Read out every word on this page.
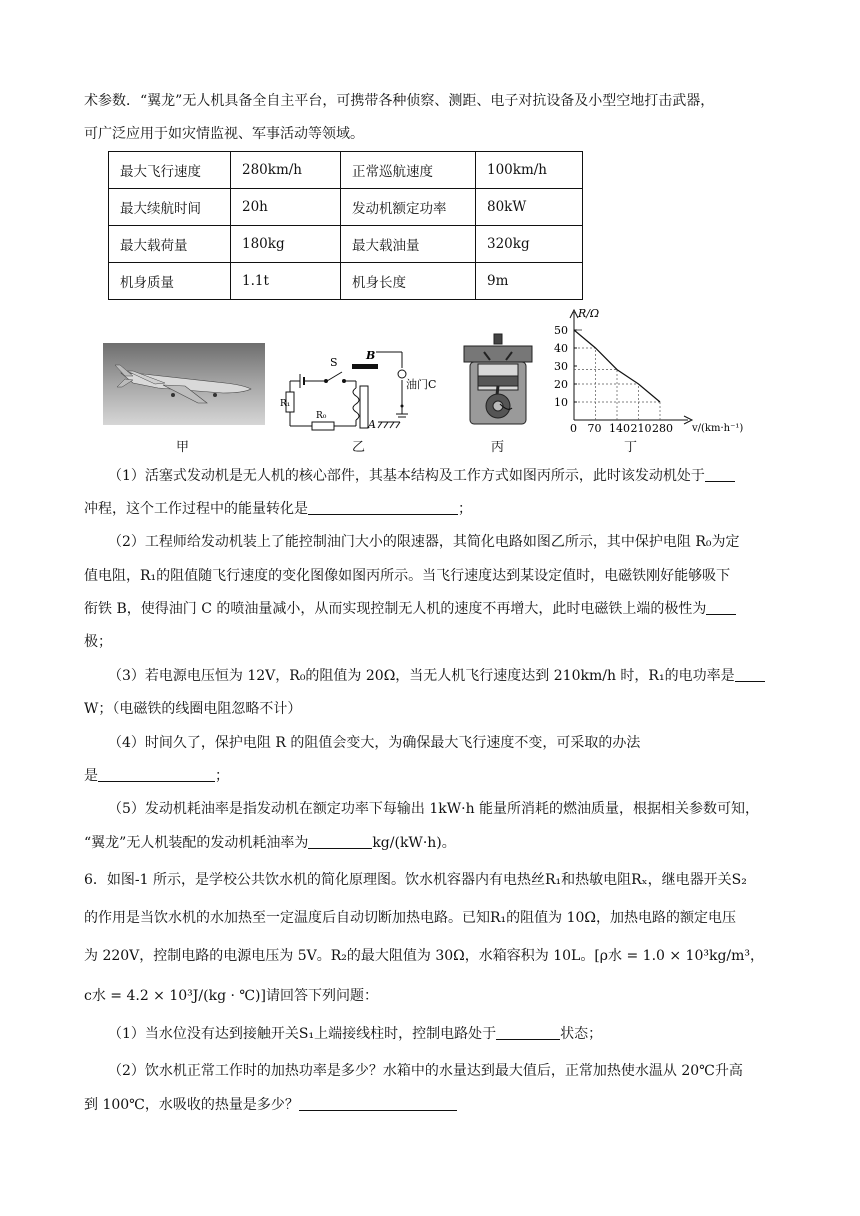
术参数．“翼龙”无人机具备全自主平台，可携带各种侦察、测距、电子对抗设备及小型空地打击武器，
可广泛应用于如灾情监视、军事活动等领域。
最大飞行速度	280km/h	正常巡航速度	100km/h
最大续航时间	20h	发动机额定功率	80kW
最大载荷量	180kg	最大载油量	320kg
机身质量	1.1t	机身长度	9m
甲
S
B
A
R₁
R₀
油门C
乙	丙
10
20
30
40
50
0 70 140 210 280
R/Ω
v/(km·h⁻¹)
丁
（1）活塞式发动机是无人机的核心部件，其基本结构及工作方式如图丙所示，此时该发动机处于
冲程，这个工作过程中的能量转化是	；
（2）工程师给发动机装上了能控制油门大小的限速器，其简化电路如图乙所示，其中保护电阻 R₀为定
值电阻，R₁的阻值随飞行速度的变化图像如图丙所示。当飞行速度达到某设定值时，电磁铁刚好能够吸下
衔铁 B，使得油门 C 的喷油量减小，从而实现控制无人机的速度不再增大，此时电磁铁上端的极性为
极；
（3）若电源电压恒为 12V，R₀的阻值为 20Ω，当无人机飞行速度达到 210km/h 时，R₁的电功率是
W；（电磁铁的线圈电阻忽略不计）
（4）时间久了，保护电阻 R 的阻值会变大，为确保最大飞行速度不变，可采取的办法
是	；
（5）发动机耗油率是指发动机在额定功率下每输出 1kW·h 能量所消耗的燃油质量，根据相关参数可知，
“翼龙”无人机装配的发动机耗油率为	kg/(kW·h)。
6．如图-1 所示，是学校公共饮水机的简化原理图。饮水机容器内有电热丝R₁和热敏电阻Rₓ，继电器开关S₂
的作用是当饮水机的水加热至一定温度后自动切断加热电路。已知R₁的阻值为 10Ω，加热电路的额定电压
为 220V，控制电路的电源电压为 5V。R₂的最大阻值为 30Ω，水箱容积为 10L。[ρ水 = 1.0 × 10³kg/m³，
c水 = 4.2 × 10³J/(kg · ℃)]请回答下列问题：
（1）当水位没有达到接触开关S₁上端接线柱时，控制电路处于	状态；
（2）饮水机正常工作时的加热功率是多少？水箱中的水量达到最大值后，正常加热使水温从 20℃升高
到 100℃，水吸收的热量是多少？
